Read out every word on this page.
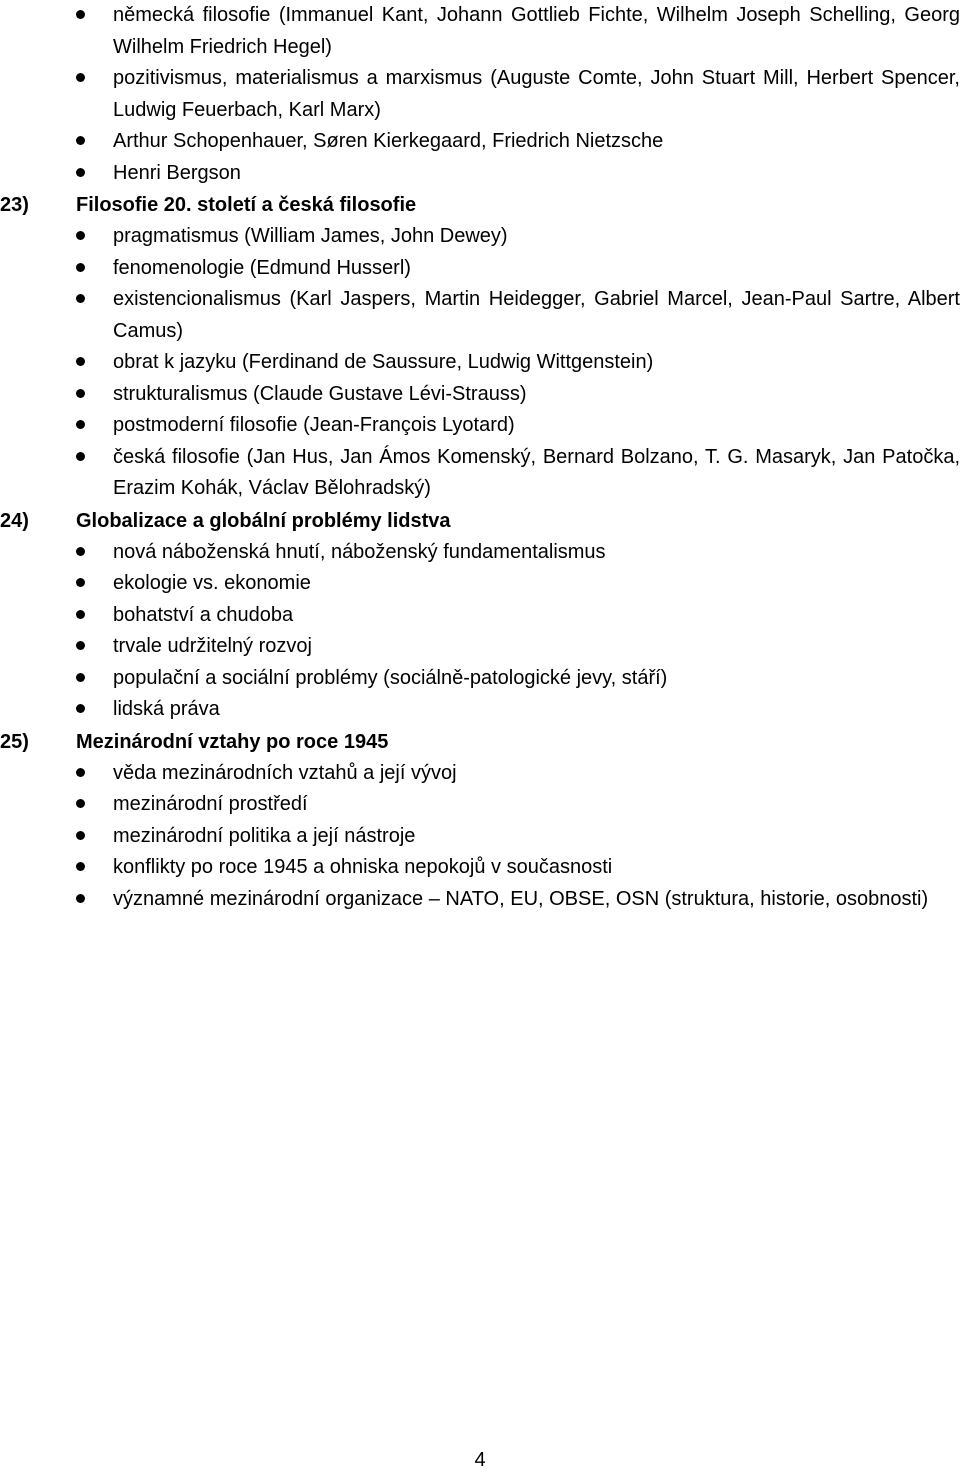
německá filosofie (Immanuel Kant, Johann Gottlieb Fichte, Wilhelm Joseph Schelling, Georg Wilhelm Friedrich Hegel)
pozitivismus, materialismus a marxismus (Auguste Comte, John Stuart Mill, Herbert Spencer, Ludwig Feuerbach, Karl Marx)
Arthur Schopenhauer, Søren Kierkegaard, Friedrich Nietzsche
Henri Bergson
23)	Filosofie 20. století a česká filosofie
pragmatismus (William James, John Dewey)
fenomenologie (Edmund Husserl)
existencionalismus (Karl Jaspers, Martin Heidegger, Gabriel Marcel, Jean-Paul Sartre, Albert Camus)
obrat k jazyku (Ferdinand de Saussure, Ludwig Wittgenstein)
strukturalismus (Claude Gustave Lévi-Strauss)
postmoderní filosofie (Jean-François Lyotard)
česká filosofie (Jan Hus, Jan Ámos Komenský, Bernard Bolzano, T. G. Masaryk, Jan Patočka, Erazim Kohák, Václav Bělohradský)
24)	Globalizace a globální problémy lidstva
nová náboženská hnutí, náboženský fundamentalismus
ekologie vs. ekonomie
bohatství a chudoba
trvale udržitelný rozvoj
populační a sociální problémy (sociálně-patologické jevy, stáří)
lidská práva
25)	Mezinárodní vztahy po roce 1945
věda mezinárodních vztahů a její vývoj
mezinárodní prostředí
mezinárodní politika a její nástroje
konflikty po roce 1945 a ohniska nepokojů v současnosti
významné mezinárodní organizace – NATO, EU, OBSE, OSN (struktura, historie, osobnosti)
4
